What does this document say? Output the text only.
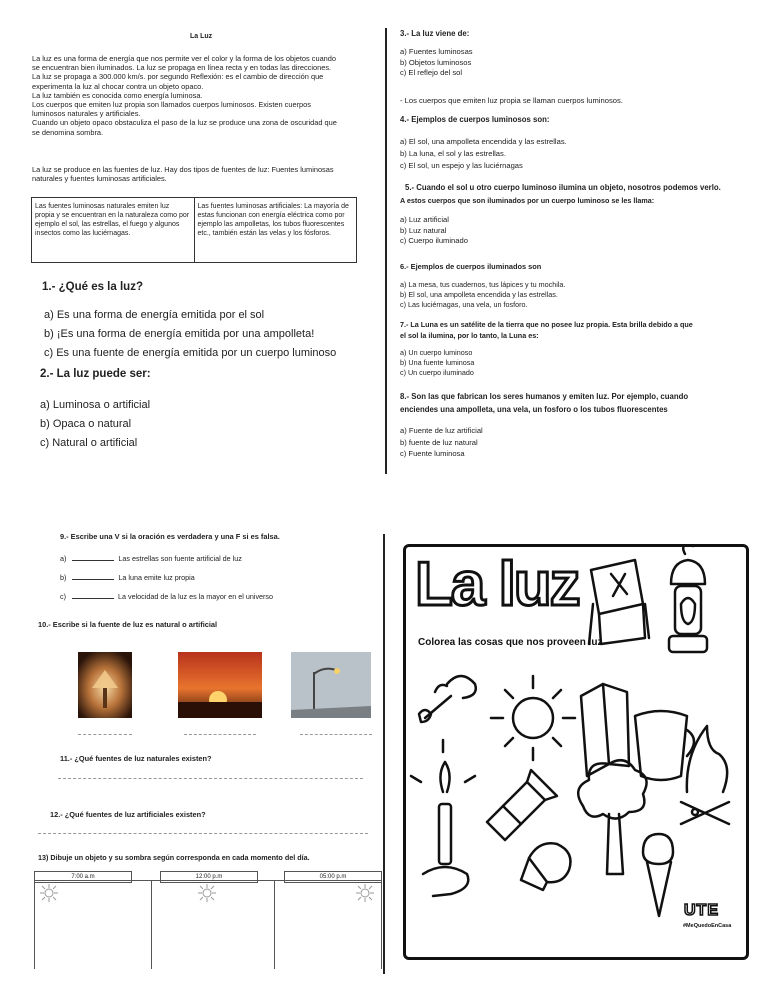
La Luz

La luz es una forma de energía que nos permite ver el color y la forma de los objetos cuando

se encuentran bien iluminados. La luz se propaga en línea recta y en todas las direcciones.

La luz se propaga a 300.000 km/s. por segundo Reflexión: es el cambio de dirección que

experimenta la luz al chocar contra un objeto opaco.

La luz también es conocida como energía luminosa.

Los cuerpos que emiten luz propia son llamados cuerpos luminosos. Existen cuerpos

luminosos naturales y artificiales.

Cuando un objeto opaco obstaculiza el paso de la luz se produce una zona de oscuridad que

se denomina sombra.

La luz se produce en las fuentes de luz. Hay dos tipos de fuentes de luz: Fuentes luminosas

naturales y fuentes luminosas artificiales.

Las fuentes luminosas naturales emiten luz propia y se encuentran en la naturaleza como por ejemplo el sol, las estrellas, el fuego y algunos insectos como las luciérnagas.	Las fuentes luminosas artificiales: La mayoría de estas funcionan con energía eléctrica como por ejemplo las ampolletas, los tubos fluorescentes etc., también están las velas y los fósforos.
1.- ¿Qué es la luz?
a) Es una forma de energía emitida por el sol
b) ¡Es una forma de energía emitida por una ampolleta!
c) Es una fuente de energía emitida por un cuerpo luminoso
2.- La luz puede ser:
a) Luminosa o artificial
b) Opaca o natural
c) Natural o artificial
3.- La luz viene de:
a) Fuentes luminosas
b) Objetos luminosos
c) El reflejo del sol
- Los cuerpos que emiten luz propia se llaman cuerpos luminosos.
4.- Ejemplos de cuerpos luminosos son:
a) El sol, una ampolleta encendida y las estrellas.
b) La luna, el sol y las estrellas.
c) El sol, un espejo y las luciérnagas
5.- Cuando el sol u otro cuerpo luminoso ilumina un objeto, nosotros podemos verlo.
A estos cuerpos que son iluminados por un cuerpo luminoso se les llama:
a) Luz artificial
b) Luz natural
c) Cuerpo iluminado
6.- Ejemplos de cuerpos iluminados son
a) La mesa, tus cuadernos, tus lápices y tu mochila.
b) El sol, una ampolleta encendida y las estrellas.
c) Las luciérnagas, una vela, un fosforo.
7.- La Luna es un satélite de la tierra que no posee luz propia. Esta brilla debido a que
el sol la ilumina, por lo tanto, la Luna es:
a) Un cuerpo luminoso
b) Una fuente luminosa
c) Un cuerpo iluminado
8.- Son las que fabrican los seres humanos y emiten luz. Por ejemplo, cuando
enciendes una ampolleta, una vela, un fosforo o los tubos fluorescentes
a) Fuente de luz artificial
b) fuente de luz natural
c) Fuente luminosa
9.- Escribe una V si la oración es verdadera y una F si es falsa.
a)	Las estrellas son fuente artificial de luz
b)	La luna emite luz propia
c)	La velocidad de la luz es la mayor en el universo
10.- Escribe si la fuente de luz es natural o artificial
11.- ¿Qué fuentes de luz naturales existen?
12.- ¿Qué fuentes de luz artificiales existen?
13) Dibuje un objeto y su sombra según corresponda en cada momento del día.
7:00 a.m	12:00 p.m	05:00 p.m
La luz
Colorea las cosas que nos proveen luz
UTE
#MeQuedoEnCasa
